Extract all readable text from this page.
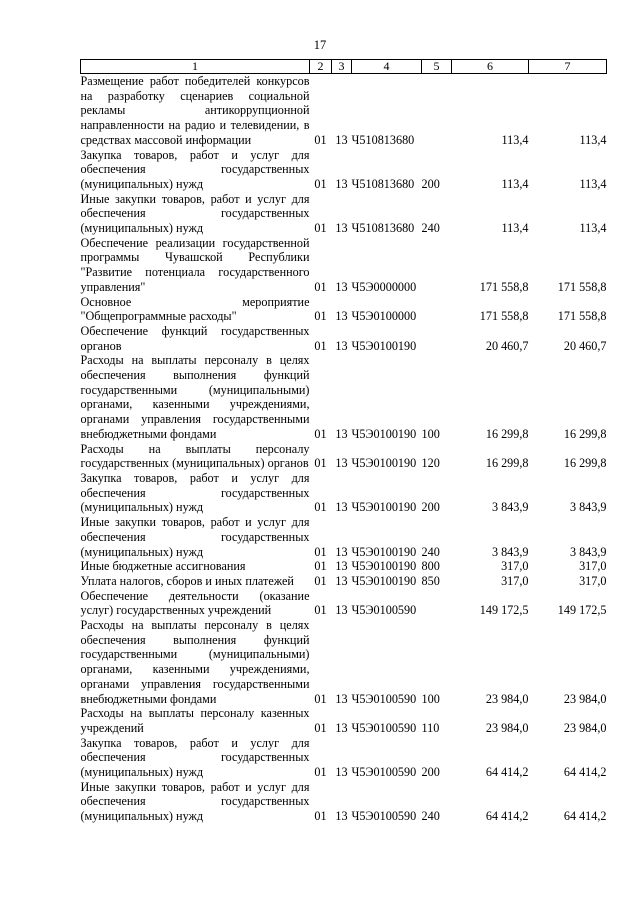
17
1	2	3	4	5	6	7
Размещение работ победителей конкурсов на разработку сценариев социальной рекламы антикоррупционной направленности на радио и телевидении, в средствах массовой информации	01	13	Ч510813680		113,4	113,4
Закупка товаров, работ и услуг для обеспечения государственных (муниципальных) нужд	01	13	Ч510813680	200	113,4	113,4
Иные закупки товаров, работ и услуг для обеспечения государственных (муниципальных) нужд	01	13	Ч510813680	240	113,4	113,4
Обеспечение реализации государственной программы Чувашской Республики "Развитие потенциала государственного управления"	01	13	Ч5Э0000000		171 558,8	171 558,8
Основное мероприятие "Общепрограммные расходы"	01	13	Ч5Э0100000		171 558,8	171 558,8
Обеспечение функций государственных органов	01	13	Ч5Э0100190		20 460,7	20 460,7
Расходы на выплаты персоналу в целях обеспечения выполнения функций государственными (муниципальными) органами, казенными учреждениями, органами управления государственными внебюджетными фондами	01	13	Ч5Э0100190	100	16 299,8	16 299,8
Расходы на выплаты персоналу государственных (муниципальных) органов	01	13	Ч5Э0100190	120	16 299,8	16 299,8
Закупка товаров, работ и услуг для обеспечения государственных (муниципальных) нужд	01	13	Ч5Э0100190	200	3 843,9	3 843,9
Иные закупки товаров, работ и услуг для обеспечения государственных (муниципальных) нужд	01	13	Ч5Э0100190	240	3 843,9	3 843,9
Иные бюджетные ассигнования	01	13	Ч5Э0100190	800	317,0	317,0
Уплата налогов, сборов и иных платежей	01	13	Ч5Э0100190	850	317,0	317,0
Обеспечение деятельности (оказание услуг) государственных учреждений	01	13	Ч5Э0100590		149 172,5	149 172,5
Расходы на выплаты персоналу в целях обеспечения выполнения функций государственными (муниципальными) органами, казенными учреждениями, органами управления государственными внебюджетными фондами	01	13	Ч5Э0100590	100	23 984,0	23 984,0
Расходы на выплаты персоналу казенных учреждений	01	13	Ч5Э0100590	110	23 984,0	23 984,0
Закупка товаров, работ и услуг для обеспечения государственных (муниципальных) нужд	01	13	Ч5Э0100590	200	64 414,2	64 414,2
Иные закупки товаров, работ и услуг для обеспечения государственных (муниципальных) нужд	01	13	Ч5Э0100590	240	64 414,2	64 414,2
